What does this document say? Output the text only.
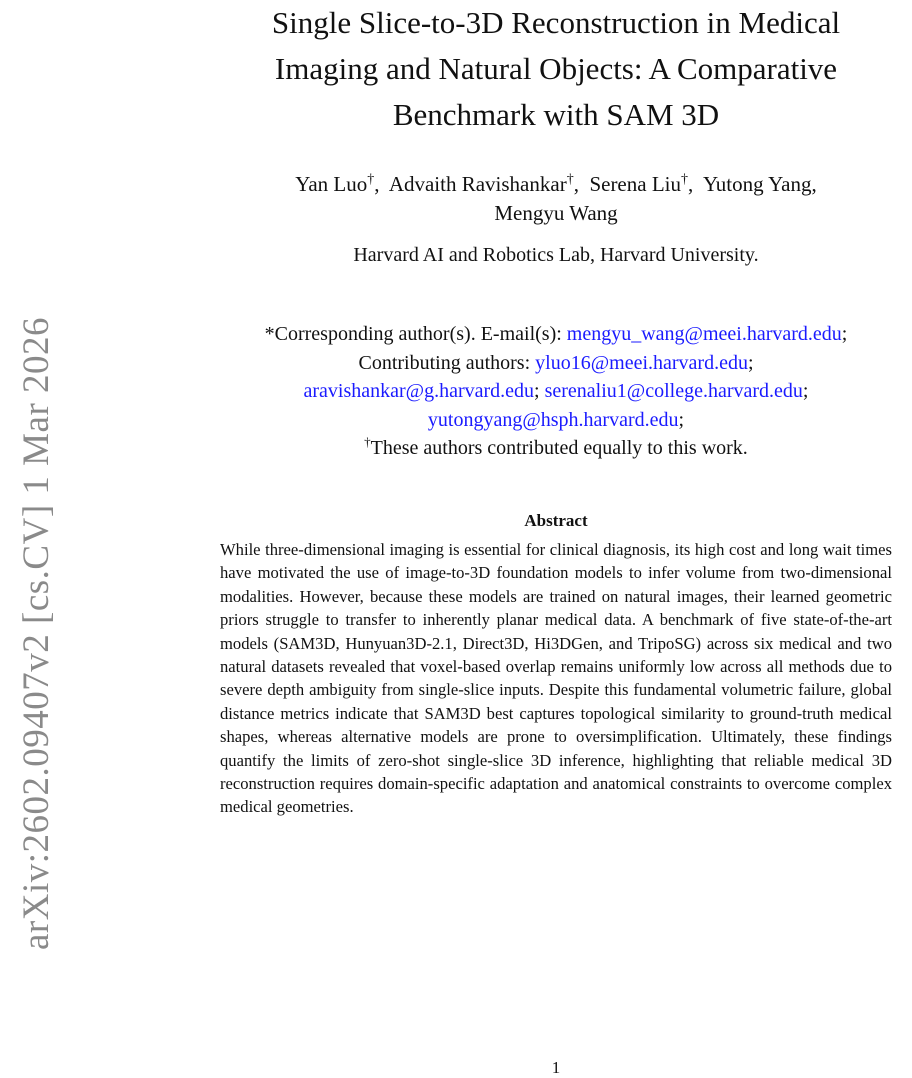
arXiv:2602.09407v2 [cs.CV] 1 Mar 2026
Single Slice-to-3D Reconstruction in Medical
Imaging and Natural Objects: A Comparative
Benchmark with SAM 3D
Yan Luo†, Advaith Ravishankar†, Serena Liu†, Yutong Yang,
Mengyu Wang
Harvard AI and Robotics Lab, Harvard University.
*Corresponding author(s). E-mail(s): mengyu_wang@meei.harvard.edu;
Contributing authors: yluo16@meei.harvard.edu;
aravishankar@g.harvard.edu; serenaliu1@college.harvard.edu;
yutongyang@hsph.harvard.edu;
†These authors contributed equally to this work.
Abstract

While three-dimensional imaging is essential for clinical diagnosis, its high cost and long wait times have motivated the use of image-to-3D foundation models to infer volume from two-dimensional modalities. However, because these models are trained on natural images, their learned geometric priors struggle to transfer to inherently planar medical data. A benchmark of five state-of-the-art models (SAM3D, Hunyuan3D-2.1, Direct3D, Hi3DGen, and TripoSG) across six medical and two natural datasets revealed that voxel-based overlap remains uniformly low across all methods due to severe depth ambiguity from single-slice inputs. Despite this fundamental volumetric failure, global distance metrics indicate that SAM3D best captures topological similarity to ground-truth medical shapes, whereas alternative models are prone to oversimplification. Ultimately, these findings quantify the limits of zero-shot single-slice 3D inference, highlighting that reliable medical 3D reconstruction requires domain-specific adaptation and anatomical constraints to overcome complex medical geometries.

1
